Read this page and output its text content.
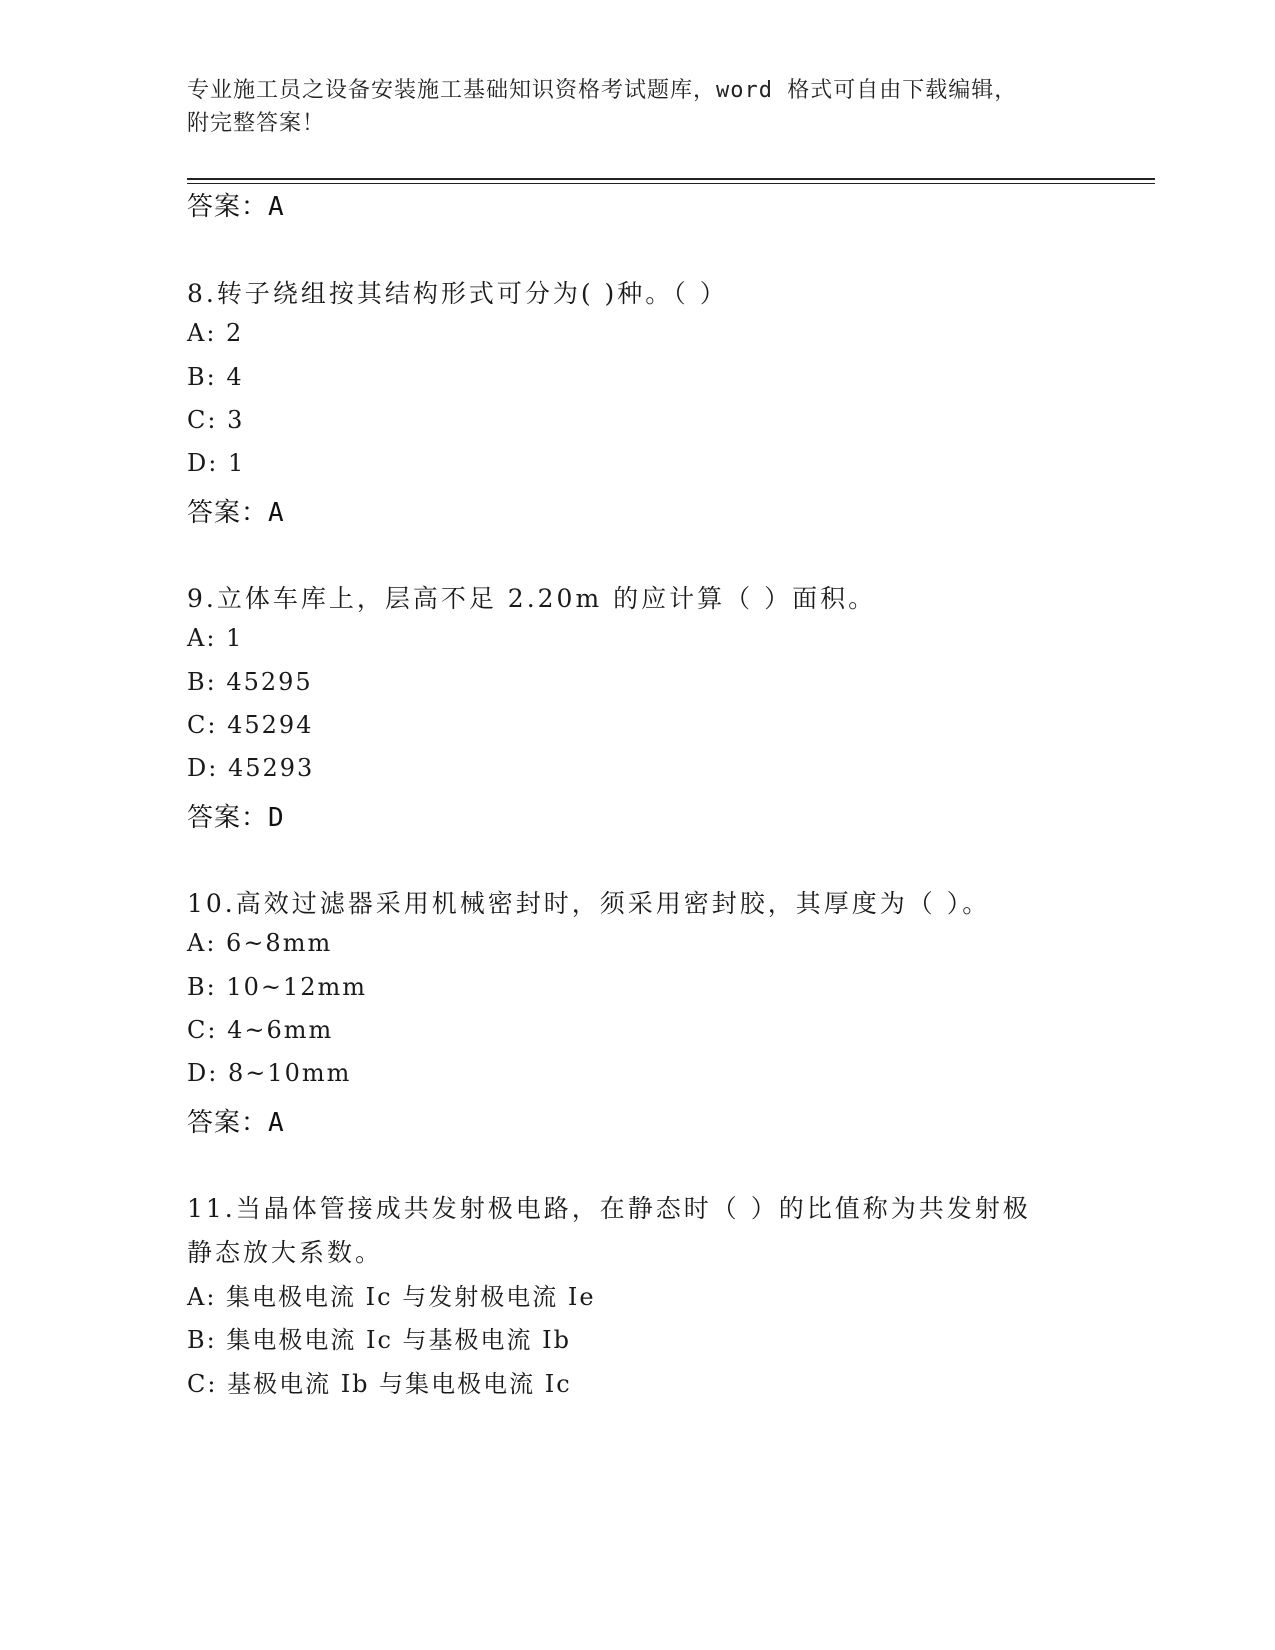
专业施工员之设备安装施工基础知识资格考试题库，word 格式可自由下载编辑，
附完整答案！
答案：A
8.转子绕组按其结构形式可分为( )种。（ ）
A: 2
B: 4
C: 3
D: 1
答案：A
9.立体车库上，层高不足 2.20m 的应计算（ ）面积。
A: 1
B: 45295
C: 45294
D: 45293
答案：D
10.高效过滤器采用机械密封时，须采用密封胶，其厚度为（ ）。
A: 6~8mm
B: 10~12mm
C: 4~6mm
D: 8~10mm
答案：A
11.当晶体管接成共发射极电路，在静态时（ ）的比值称为共发射极
静态放大系数。
A: 集电极电流 Ic 与发射极电流 Ie
B: 集电极电流 Ic 与基极电流 Ib
C: 基极电流 Ib 与集电极电流 Ic
